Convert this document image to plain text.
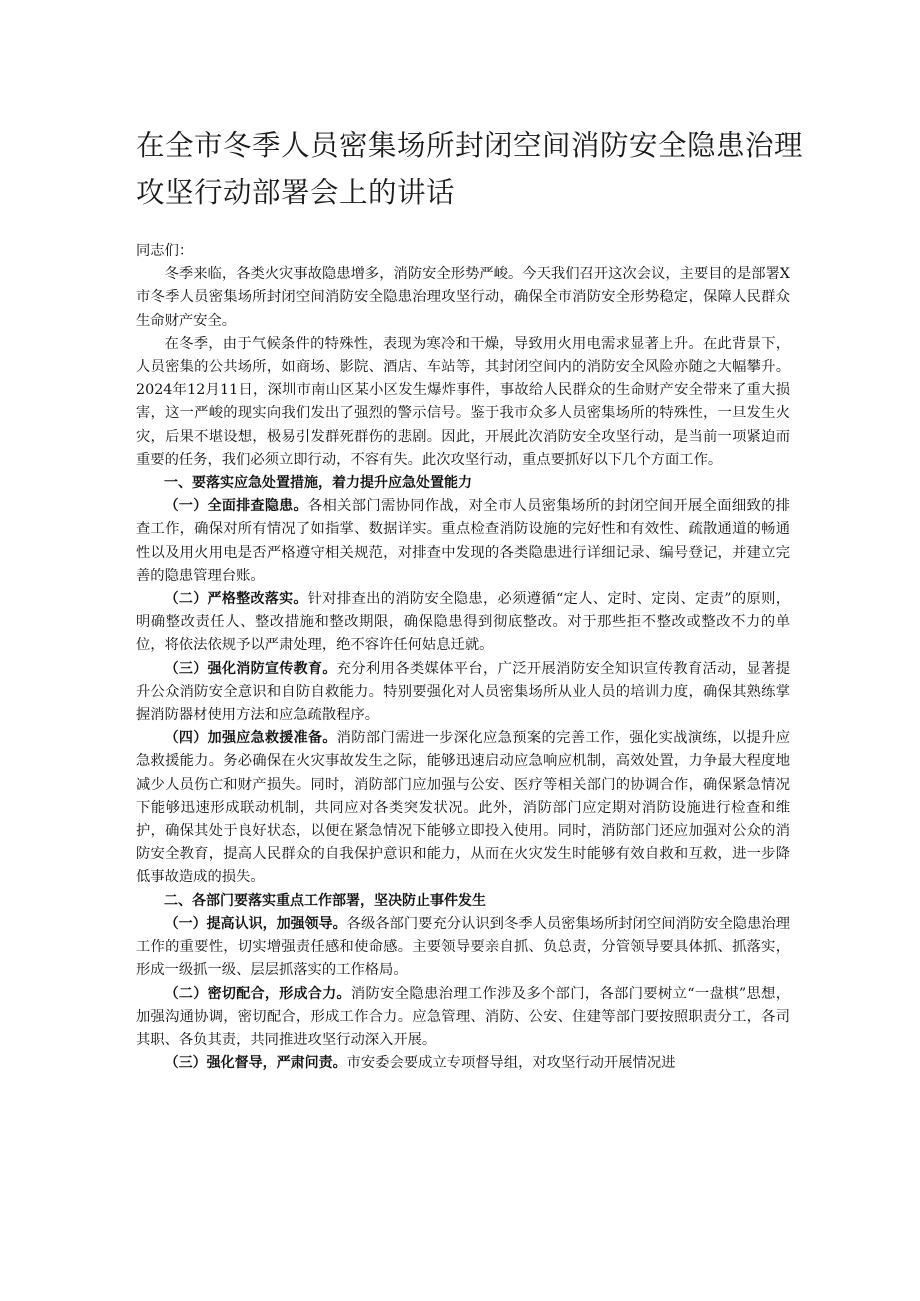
在全市冬季人员密集场所封闭空间消防安全隐患治理
攻坚行动部署会上的讲话

同志们：

冬季来临，各类火灾事故隐患增多，消防安全形势严峻。今天我们召开这次会议，主要目的是部署X市冬季人员密集场所封闭空间消防安全隐患治理攻坚行动，确保全市消防安全形势稳定，保障人民群众生命财产安全。

在冬季，由于气候条件的特殊性，表现为寒冷和干燥，导致用火用电需求显著上升。在此背景下，人员密集的公共场所，如商场、影院、酒店、车站等，其封闭空间内的消防安全风险亦随之大幅攀升。2024年12月11日，深圳市南山区某小区发生爆炸事件，事故给人民群众的生命财产安全带来了重大损害，这一严峻的现实向我们发出了强烈的警示信号。鉴于我市众多人员密集场所的特殊性，一旦发生火灾，后果不堪设想，极易引发群死群伤的悲剧。因此，开展此次消防安全攻坚行动，是当前一项紧迫而重要的任务，我们必须立即行动，不容有失。此次攻坚行动，重点要抓好以下几个方面工作。

一、要落实应急处置措施，着力提升应急处置能力

（一）全面排查隐患。各相关部门需协同作战，对全市人员密集场所的封闭空间开展全面细致的排查工作，确保对所有情况了如指掌、数据详实。重点检查消防设施的完好性和有效性、疏散通道的畅通性以及用火用电是否严格遵守相关规范，对排查中发现的各类隐患进行详细记录、编号登记，并建立完善的隐患管理台账。

（二）严格整改落实。针对排查出的消防安全隐患，必须遵循“定人、定时、定岗、定责”的原则，明确整改责任人、整改措施和整改期限，确保隐患得到彻底整改。对于那些拒不整改或整改不力的单位，将依法依规予以严肃处理，绝不容许任何姑息迁就。

（三）强化消防宣传教育。充分利用各类媒体平台，广泛开展消防安全知识宣传教育活动，显著提升公众消防安全意识和自防自救能力。特别要强化对人员密集场所从业人员的培训力度，确保其熟练掌握消防器材使用方法和应急疏散程序。

（四）加强应急救援准备。消防部门需进一步深化应急预案的完善工作，强化实战演练，以提升应急救援能力。务必确保在火灾事故发生之际，能够迅速启动应急响应机制，高效处置，力争最大程度地减少人员伤亡和财产损失。同时，消防部门应加强与公安、医疗等相关部门的协调合作，确保紧急情况下能够迅速形成联动机制，共同应对各类突发状况。此外，消防部门应定期对消防设施进行检查和维护，确保其处于良好状态，以便在紧急情况下能够立即投入使用。同时，消防部门还应加强对公众的消防安全教育，提高人民群众的自我保护意识和能力，从而在火灾发生时能够有效自救和互救，进一步降低事故造成的损失。

二、各部门要落实重点工作部署，坚决防止事件发生

（一）提高认识，加强领导。各级各部门要充分认识到冬季人员密集场所封闭空间消防安全隐患治理工作的重要性，切实增强责任感和使命感。主要领导要亲自抓、负总责，分管领导要具体抓、抓落实，形成一级抓一级、层层抓落实的工作格局。

（二）密切配合，形成合力。消防安全隐患治理工作涉及多个部门，各部门要树立“一盘棋”思想，加强沟通协调，密切配合，形成工作合力。应急管理、消防、公安、住建等部门要按照职责分工，各司其职、各负其责，共同推进攻坚行动深入开展。

（三）强化督导，严肃问责。市安委会要成立专项督导组，对攻坚行动开展情况进
